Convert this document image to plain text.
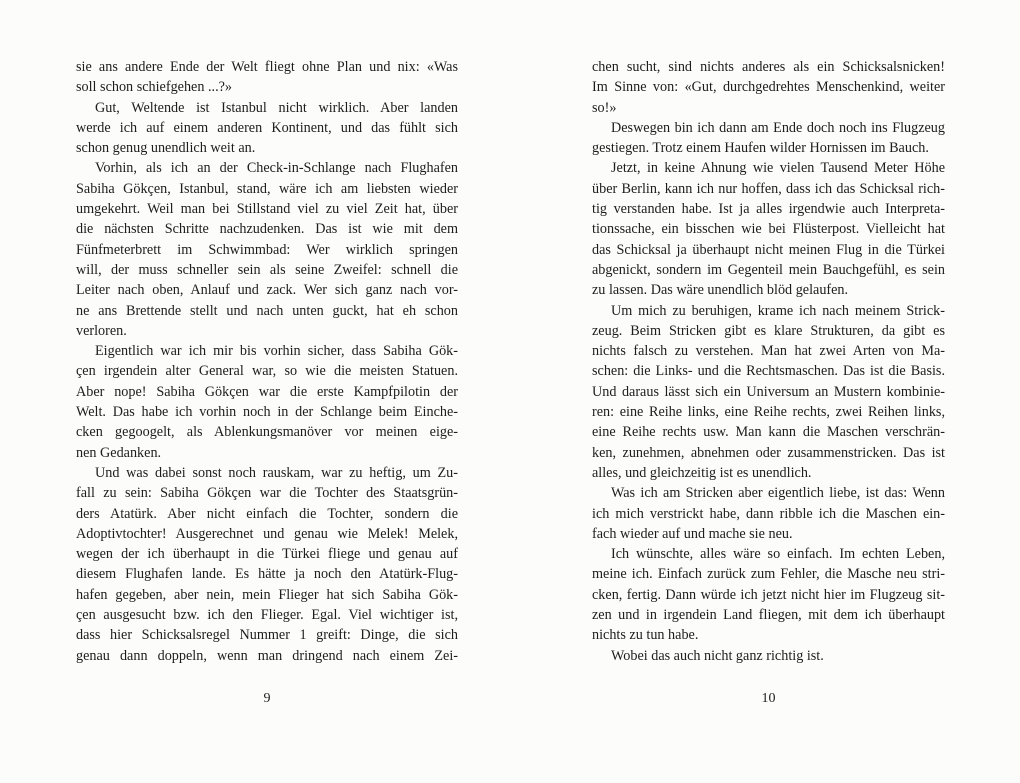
sie ans andere Ende der Welt fliegt ohne Plan und nix: «Was
soll schon schiefgehen ...?»
Gut, Weltende ist Istanbul nicht wirklich. Aber landen
werde ich auf einem anderen Kontinent, und das fühlt sich
schon genug unendlich weit an.
Vorhin, als ich an der Check-in-Schlange nach Flughafen
Sabiha Gökçen, Istanbul, stand, wäre ich am liebsten wieder
umgekehrt. Weil man bei Stillstand viel zu viel Zeit hat, über
die nächsten Schritte nachzudenken. Das ist wie mit dem
Fünfmeterbrett im Schwimmbad: Wer wirklich springen
will, der muss schneller sein als seine Zweifel: schnell die
Leiter nach oben, Anlauf und zack. Wer sich ganz nach vor-
ne ans Brettende stellt und nach unten guckt, hat eh schon
verloren.
Eigentlich war ich mir bis vorhin sicher, dass Sabiha Gök-
çen irgendein alter General war, so wie die meisten Statuen.
Aber nope! Sabiha Gökçen war die erste Kampfpilotin der
Welt. Das habe ich vorhin noch in der Schlange beim Einche-
cken gegoogelt, als Ablenkungsmanöver vor meinen eige-
nen Gedanken.
Und was dabei sonst noch rauskam, war zu heftig, um Zu-
fall zu sein: Sabiha Gökçen war die Tochter des Staatsgrün-
ders Atatürk. Aber nicht einfach die Tochter, sondern die
Adoptivtochter! Ausgerechnet und genau wie Melek! Melek,
wegen der ich überhaupt in die Türkei fliege und genau auf
diesem Flughafen lande. Es hätte ja noch den Atatürk-Flug-
hafen gegeben, aber nein, mein Flieger hat sich Sabiha Gök-
çen ausgesucht bzw. ich den Flieger. Egal. Viel wichtiger ist,
dass hier Schicksalsregel Nummer 1 greift: Dinge, die sich
genau dann doppeln, wenn man dringend nach einem Zei-
9
chen sucht, sind nichts anderes als ein Schicksalsnicken!
Im Sinne von: «Gut, durchgedrehtes Menschenkind, weiter
so!»
Deswegen bin ich dann am Ende doch noch ins Flugzeug
gestiegen. Trotz einem Haufen wilder Hornissen im Bauch.
Jetzt, in keine Ahnung wie vielen Tausend Meter Höhe
über Berlin, kann ich nur hoffen, dass ich das Schicksal rich-
tig verstanden habe. Ist ja alles irgendwie auch Interpreta-
tionssache, ein bisschen wie bei Flüsterpost. Vielleicht hat
das Schicksal ja überhaupt nicht meinen Flug in die Türkei
abgenickt, sondern im Gegenteil mein Bauchgefühl, es sein
zu lassen. Das wäre unendlich blöd gelaufen.
Um mich zu beruhigen, krame ich nach meinem Strick-
zeug. Beim Stricken gibt es klare Strukturen, da gibt es
nichts falsch zu verstehen. Man hat zwei Arten von Ma-
schen: die Links- und die Rechtsmaschen. Das ist die Basis.
Und daraus lässt sich ein Universum an Mustern kombinie-
ren: eine Reihe links, eine Reihe rechts, zwei Reihen links,
eine Reihe rechts usw. Man kann die Maschen verschrän-
ken, zunehmen, abnehmen oder zusammenstricken. Das ist
alles, und gleichzeitig ist es unendlich.
Was ich am Stricken aber eigentlich liebe, ist das: Wenn
ich mich verstrickt habe, dann ribble ich die Maschen ein-
fach wieder auf und mache sie neu.
Ich wünschte, alles wäre so einfach. Im echten Leben,
meine ich. Einfach zurück zum Fehler, die Masche neu stri-
cken, fertig. Dann würde ich jetzt nicht hier im Flugzeug sit-
zen und in irgendein Land fliegen, mit dem ich überhaupt
nichts zu tun habe.
Wobei das auch nicht ganz richtig ist.
10
